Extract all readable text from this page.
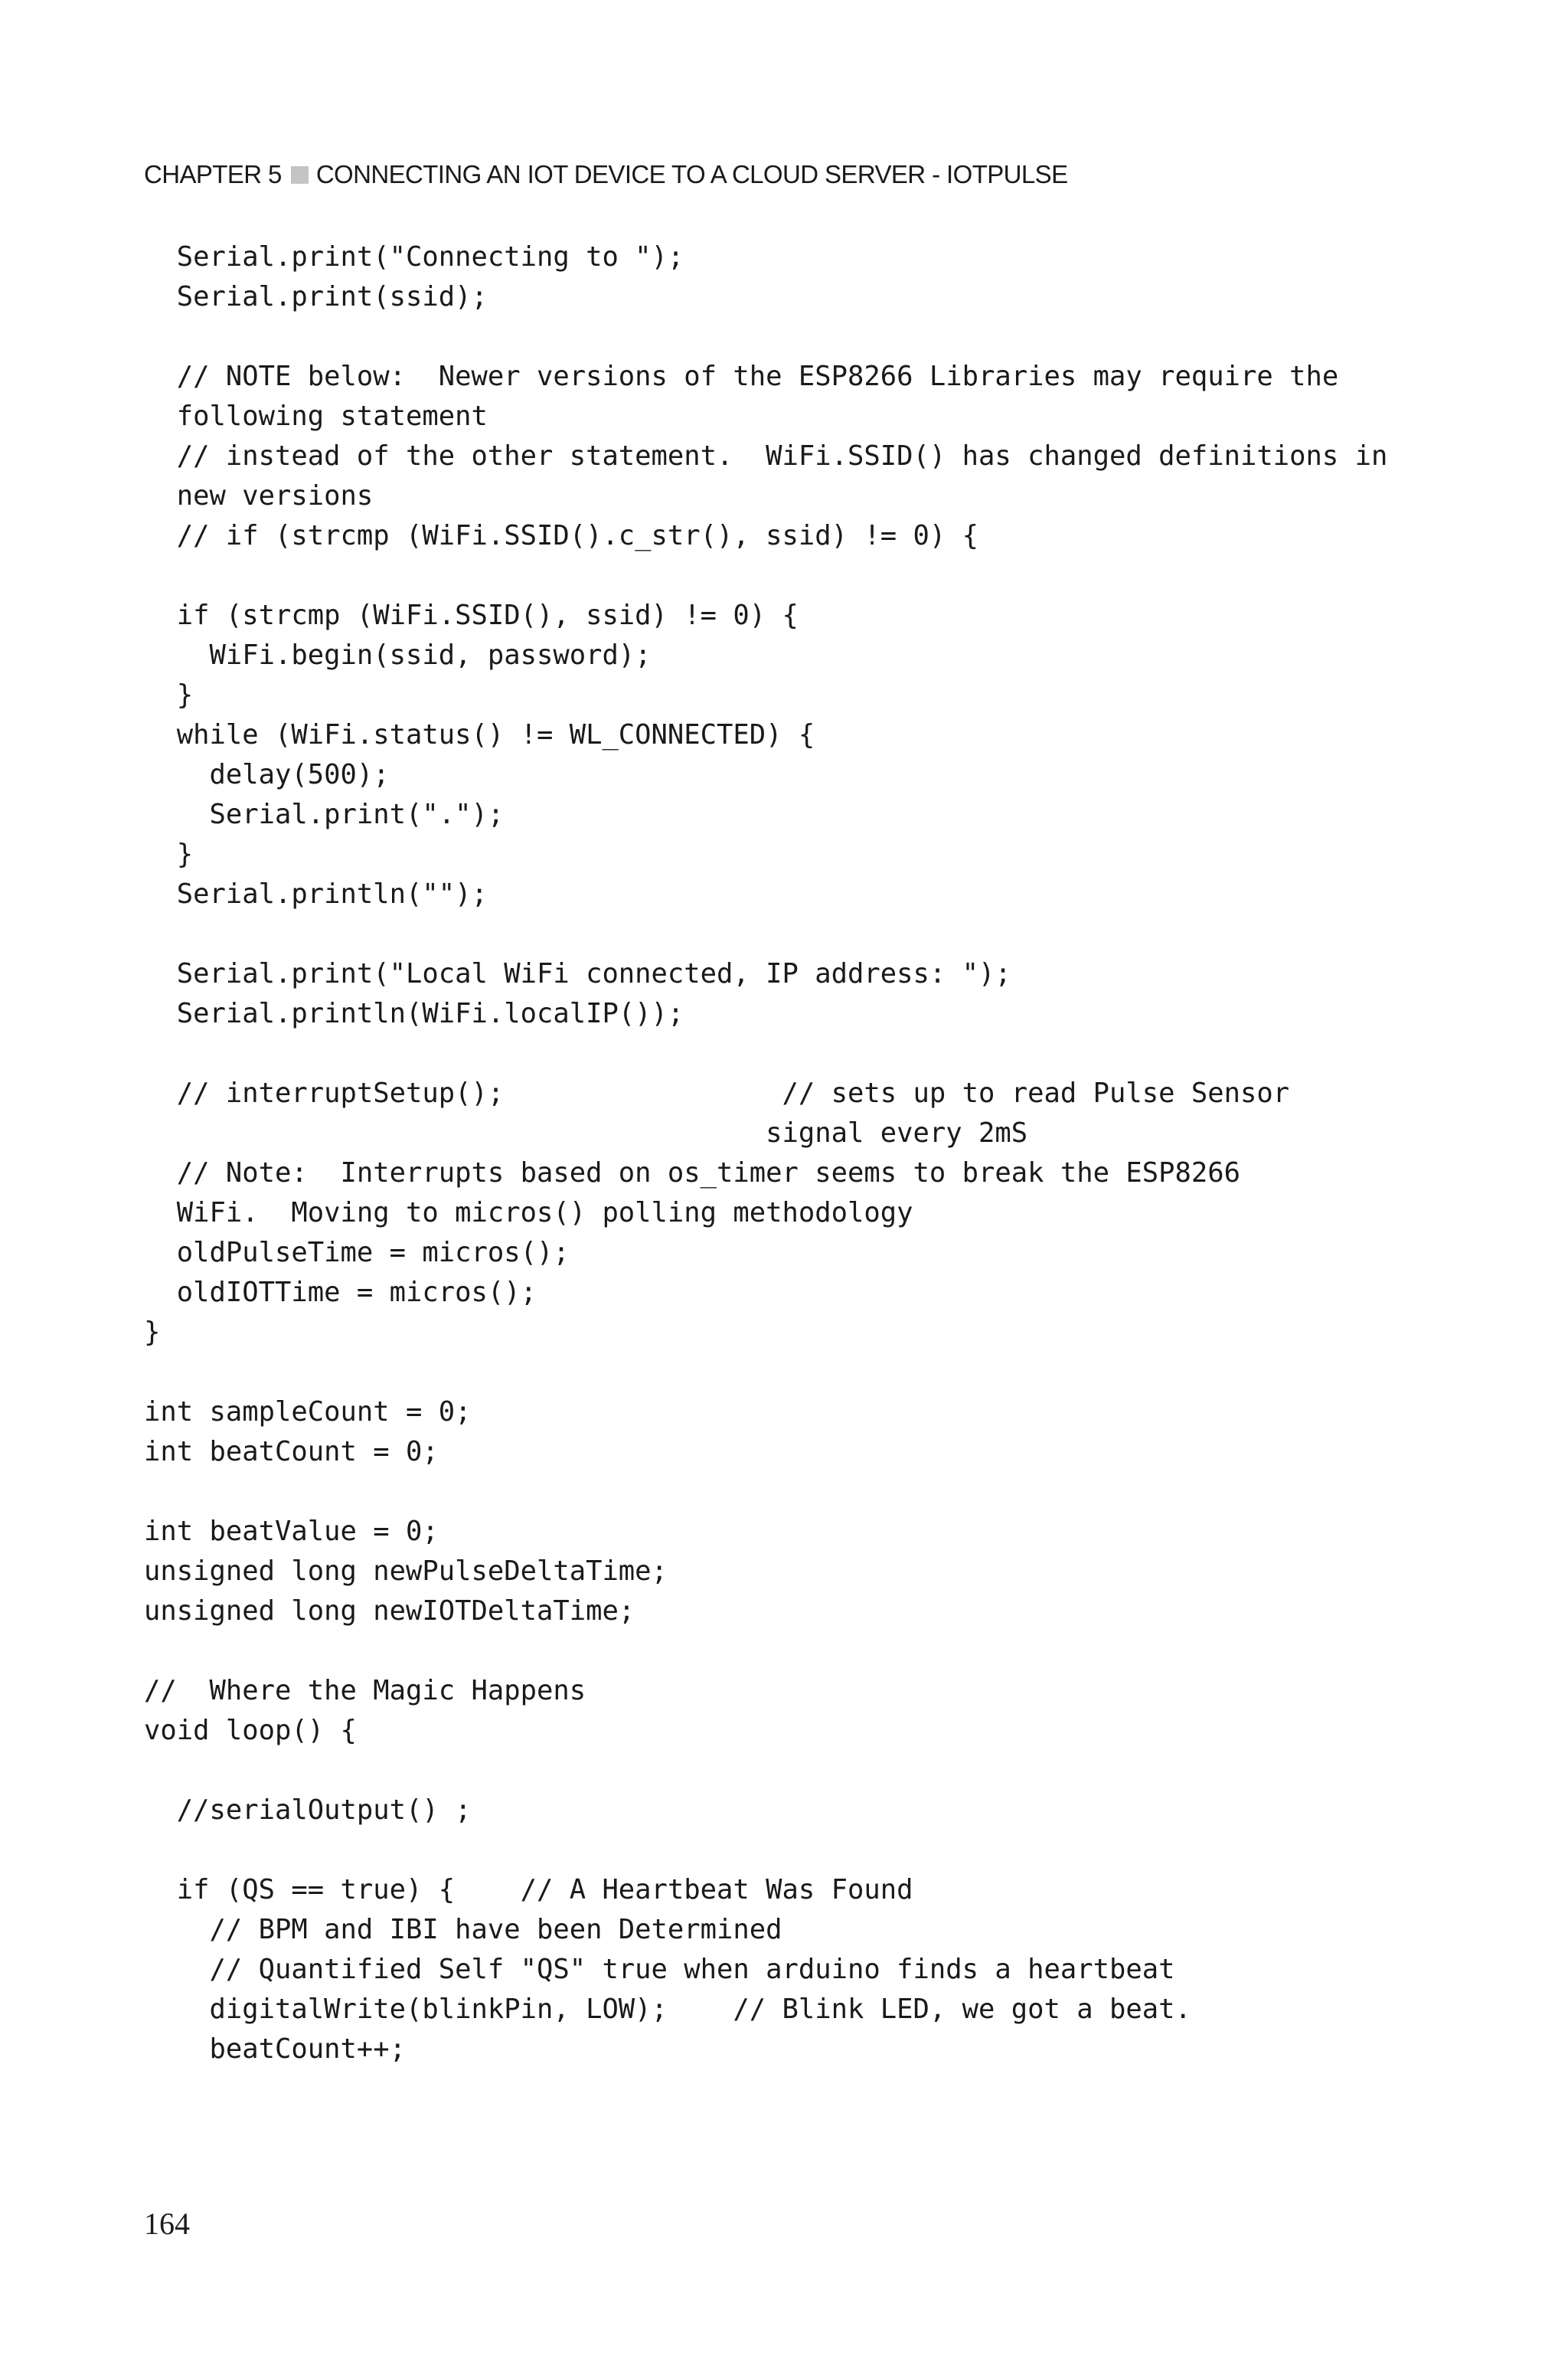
CHAPTER 5 CONNECTING AN IOT DEVICE TO A CLOUD SERVER - IOTPULSE
Serial.print("Connecting to ");
Serial.print(ssid);
// NOTE below:  Newer versions of the ESP8266 Libraries may require the
following statement
// instead of the other statement.  WiFi.SSID() has changed definitions in
new versions
// if (strcmp (WiFi.SSID().c_str(), ssid) != 0) {
if (strcmp (WiFi.SSID(), ssid) != 0) {
WiFi.begin(ssid, password);
}
while (WiFi.status() != WL_CONNECTED) {
delay(500);
Serial.print(".");
}
Serial.println("");
Serial.print("Local WiFi connected, IP address: ");
Serial.println(WiFi.localIP());
// interruptSetup();                 // sets up to read Pulse Sensor
signal every 2mS
// Note:  Interrupts based on os_timer seems to break the ESP8266
WiFi.  Moving to micros() polling methodology
oldPulseTime = micros();
oldIOTTime = micros();
}
int sampleCount = 0;
int beatCount = 0;
int beatValue = 0;
unsigned long newPulseDeltaTime;
unsigned long newIOTDeltaTime;
//  Where the Magic Happens
void loop() {
//serialOutput() ;
if (QS == true) {    // A Heartbeat Was Found
// BPM and IBI have been Determined
// Quantified Self "QS" true when arduino finds a heartbeat
digitalWrite(blinkPin, LOW);    // Blink LED, we got a beat.
beatCount++;
164
